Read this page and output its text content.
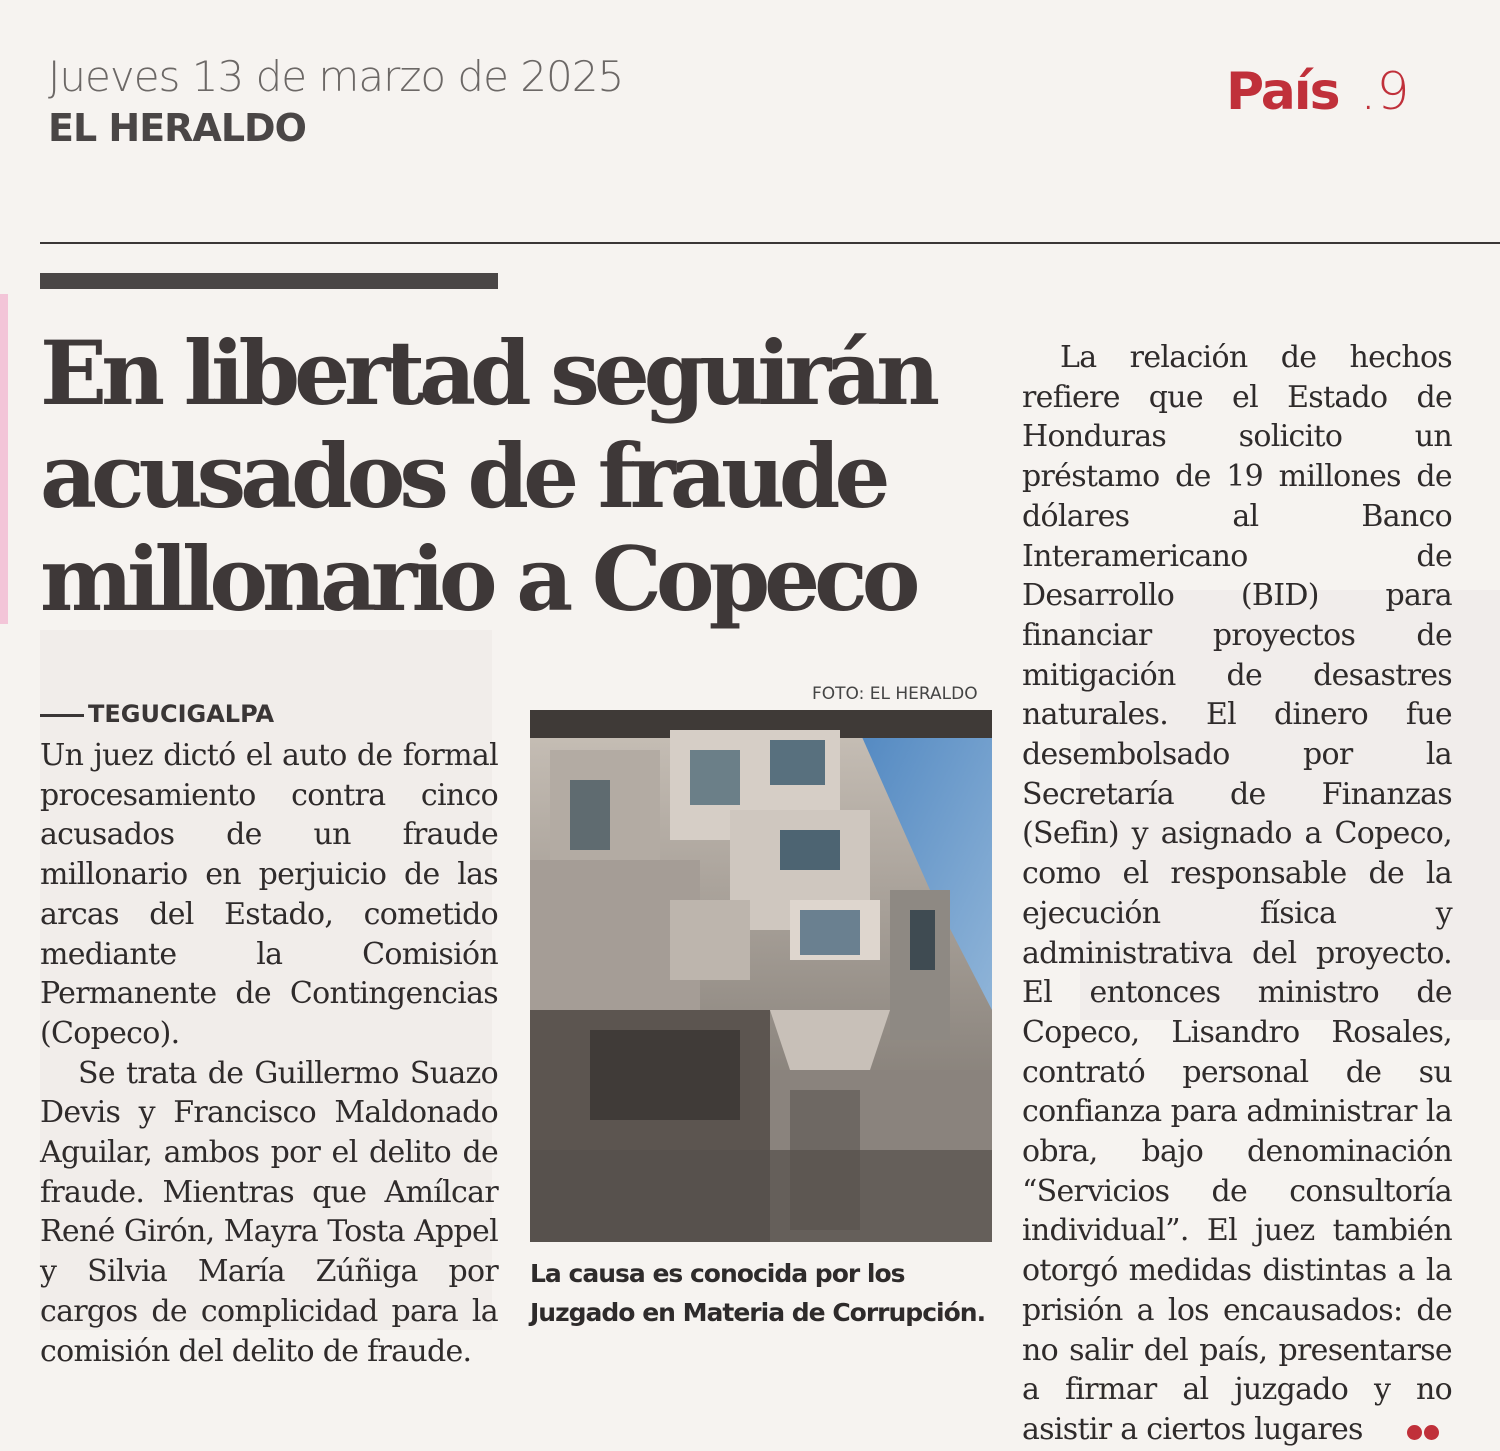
Jueves 13 de marzo de 2025
EL HERALDO
País .9
En libertad seguirán acusados de fraude millonario a Copeco
TEGUCIGALPA

Un juez dictó el auto de formal procesamiento contra cinco acusados de un fraude millonario en perjuicio de las arcas del Estado, cometido mediante la Comisión Permanente de Contingencias (Copeco).

Se trata de Guillermo Suazo Devis y Francisco Maldonado Aguilar, ambos por el delito de fraude. Mientras que Amílcar René Girón, Mayra Tosta Appel y Silvia María Zúñiga por cargos de complicidad para la comisión del delito de fraude.

FOTO: EL HERALDO

La causa es conocida por los Juzgado en Materia de Corrupción.

La relación de hechos refiere que el Estado de Honduras solicito un préstamo de 19 millones de dólares al Banco Interamericano de Desarrollo (BID) para financiar proyectos de mitigación de desastres naturales. El dinero fue desembolsado por la Secretaría de Finanzas (Sefin) y asignado a Copeco, como el responsable de la ejecución física y administrativa del proyecto. El entonces ministro de Copeco, Lisandro Rosales, contrató personal de su confianza para administrar la obra, bajo denominación “Servicios de consultoría individual”. El juez también otorgó medidas distintas a la prisión a los encausados: de no salir del país, presentarse a firmar al juzgado y no asistir a ciertos lugares
